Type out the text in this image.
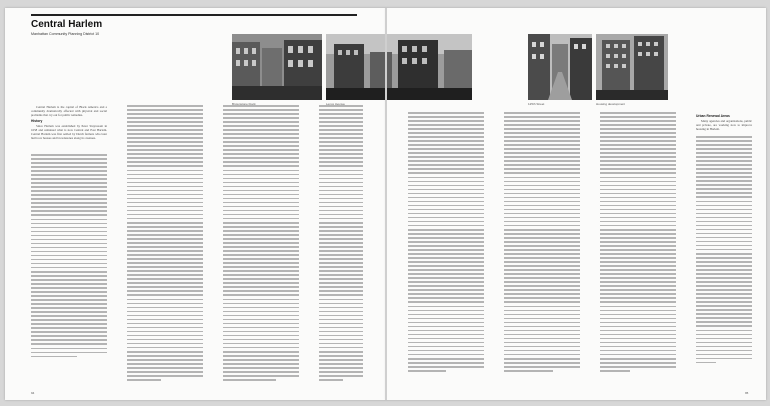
Central Harlem
Manhattan Community Planning District 10

Central Harlem is the capital of Black America and a community dramatically affected with physical and social problems that cry out for public remedies.

History

Since Harlem was established by Peter Stuyvesant in 1658 and remained what is now Central and East Harlem. Central Harlem was first settled by Dutch farmers who later built row houses and brownstones along its avenues.

94
Brownstone block	Lenox Avenue	125th Street	Housing development
Urban Renewal Areas

Many agencies and organizations, public and private, are working now to improve housing in Harlem.

95
